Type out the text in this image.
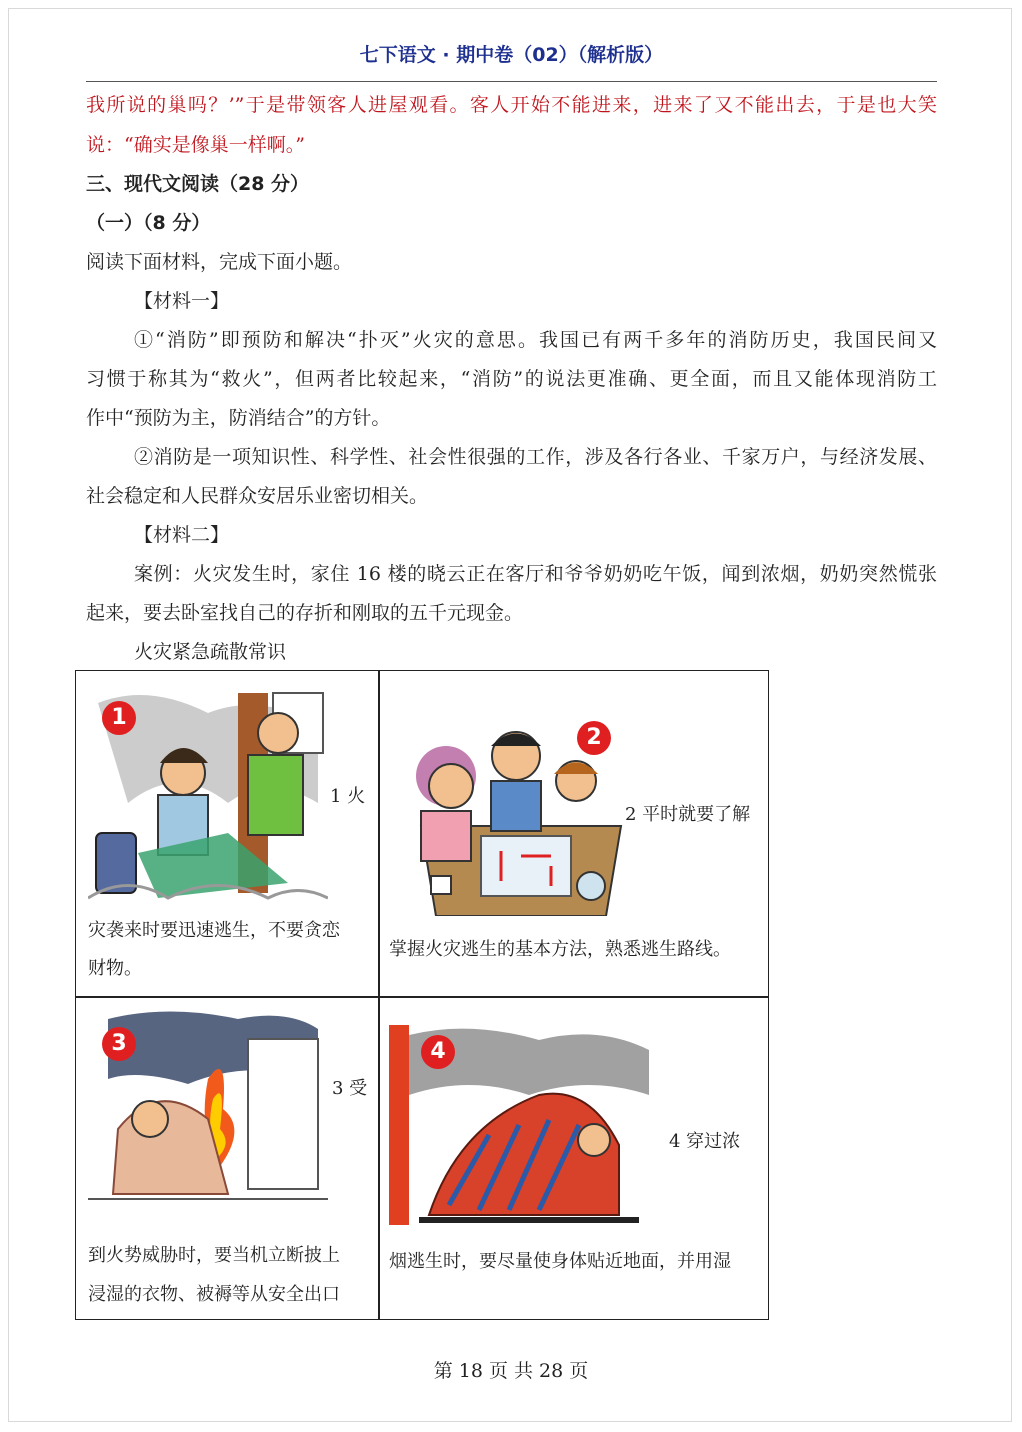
七下语文 · 期中卷（02）（解析版）
我所说的巢吗？’”于是带领客人进屋观看。客人开始不能进来，进来了又不能出去，于是也大笑
说：“确实是像巢一样啊。”
三、现代文阅读（28 分）
（一）（8 分）
阅读下面材料，完成下面小题。
【材料一】
①“消防”即预防和解决“扑灭”火灾的意思。我国已有两千多年的消防历史，我国民间又
习惯于称其为“救火”，但两者比较起来，“消防”的说法更准确、更全面，而且又能体现消防工
作中“预防为主，防消结合”的方针。
②消防是一项知识性、科学性、社会性很强的工作，涉及各行各业、千家万户，与经济发展、
社会稳定和人民群众安居乐业密切相关。
【材料二】
案例：火灾发生时，家住 16 楼的晓云正在客厅和爷爷奶奶吃午饭，闻到浓烟，奶奶突然慌张
起来，要去卧室找自己的存折和刚取的五千元现金。
火灾紧急疏散常识
1
1 火
灾袭来时要迅速逃生，不要贪恋
财物。
2
2 平时就要了解
掌握火灾逃生的基本方法，熟悉逃生路线。
3
3 受
到火势威胁时，要当机立断披上
浸湿的衣物、被褥等从安全出口
4
4 穿过浓
烟逃生时，要尽量使身体贴近地面，并用湿
第 18 页 共 28 页
